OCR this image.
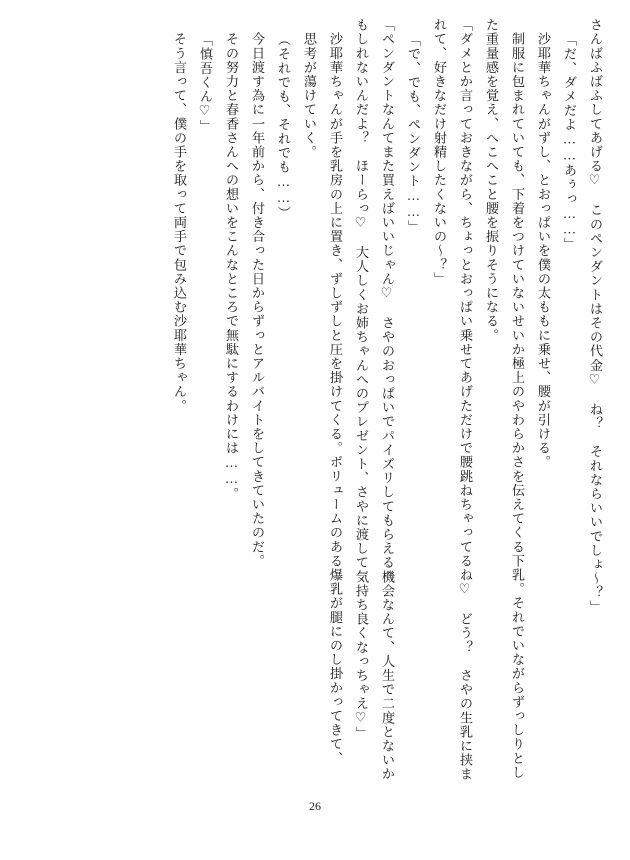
さんばふばふしてあげる♡　このペンダントはその代金♡　ね？　それならいいでしょ～？」
「だ、ダメだよ……あぅっ……」
　沙耶華ちゃんがずし、とおっぱいを僕の太ももに乗せ、腰が引ける。
　制服に包まれていても、下着をつけていないせいか極上のやわらかさを伝えてくる下乳。それでいながらずっしりとし
た重量感を覚え、へこへこと腰を振りそうになる。
「ダメとか言っておきながら、ちょっとおっぱい乗せてあげただけで腰跳ねちゃってるね♡　どう？　さやの生乳に挟ま
れて、好きなだけ射精したくないの～？」
「で、でも、ペンダント……」
「ペンダントなんてまた買えばいいじゃん♡　さやのおっぱいでパイズリしてもらえる機会なんて、人生で二度とないか
もしれないんだよ？　ほーらっ♡　大人しくお姉ちゃんへのプレゼント、さやに渡して気持ち良くなっちゃえ♡」
　沙耶華ちゃんが手を乳房の上に置き、ずしずしと圧を掛けてくる。ボリュームのある爆乳が腿にのし掛かってきて、
　思考が蕩けていく。
（それでも、それでも……）
　今日渡す為に一年前から、付き合った日からずっとアルバイトをしてきていたのだ。
　その努力と春香さんへの想いをこんなところで無駄にするわけには……。
「慎吾くん♡」
　そう言って、僕の手を取って両手で包み込む沙耶華ちゃん。
26
